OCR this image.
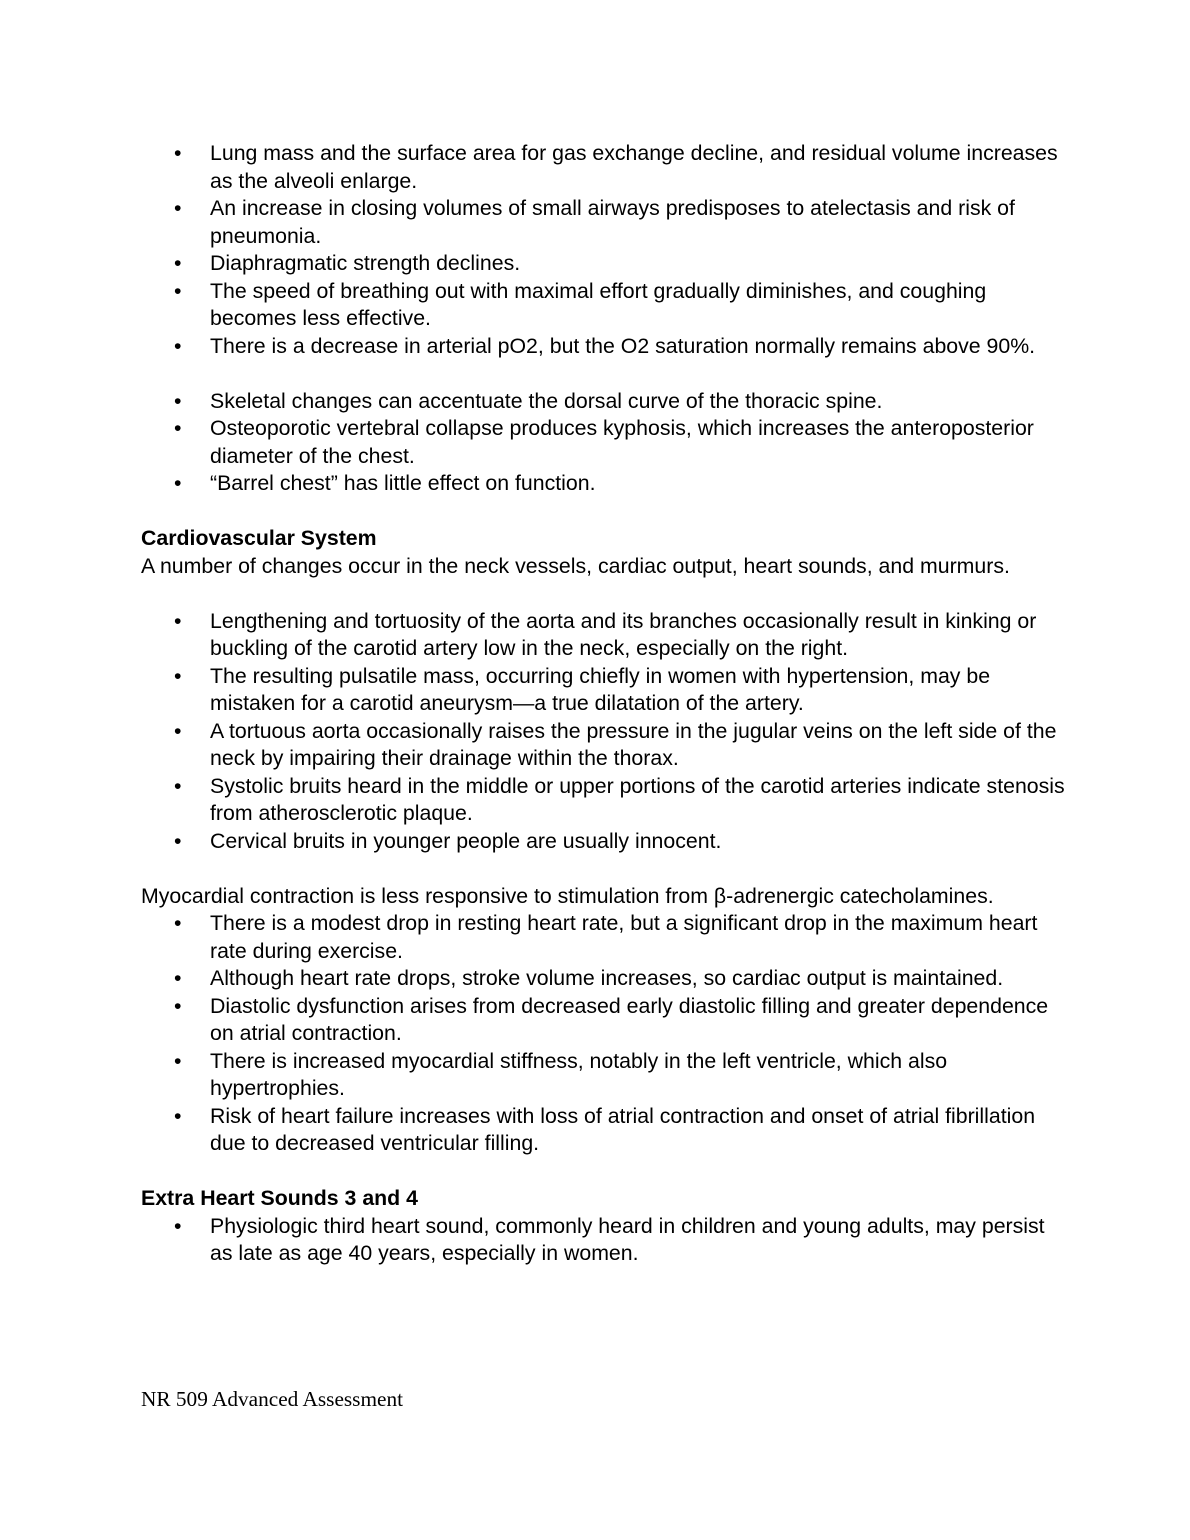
• Lung mass and the surface area for gas exchange decline, and residual volume increases as the alveoli enlarge.
• An increase in closing volumes of small airways predisposes to atelectasis and risk of pneumonia.
• Diaphragmatic strength declines.
• The speed of breathing out with maximal effort gradually diminishes, and coughing becomes less effective.
• There is a decrease in arterial pO2, but the O2 saturation normally remains above 90%.
• Skeletal changes can accentuate the dorsal curve of the thoracic spine.
• Osteoporotic vertebral collapse produces kyphosis, which increases the anteroposterior diameter of the chest.
• “Barrel chest” has little effect on function.

Cardiovascular System

A number of changes occur in the neck vessels, cardiac output, heart sounds, and murmurs.

• Lengthening and tortuosity of the aorta and its branches occasionally result in kinking or buckling of the carotid artery low in the neck, especially on the right.
• The resulting pulsatile mass, occurring chiefly in women with hypertension, may be mistaken for a carotid aneurysm—a true dilatation of the artery.
• A tortuous aorta occasionally raises the pressure in the jugular veins on the left side of the neck by impairing their drainage within the thorax.
• Systolic bruits heard in the middle or upper portions of the carotid arteries indicate stenosis from atherosclerotic plaque.
• Cervical bruits in younger people are usually innocent.

Myocardial contraction is less responsive to stimulation from β-adrenergic catecholamines.

• There is a modest drop in resting heart rate, but a significant drop in the maximum heart rate during exercise.
• Although heart rate drops, stroke volume increases, so cardiac output is maintained.
• Diastolic dysfunction arises from decreased early diastolic filling and greater dependence on atrial contraction.
• There is increased myocardial stiffness, notably in the left ventricle, which also hypertrophies.
• Risk of heart failure increases with loss of atrial contraction and onset of atrial fibrillation due to decreased ventricular filling.

Extra Heart Sounds 3 and 4

• Physiologic third heart sound, commonly heard in children and young adults, may persist as late as age 40 years, especially in women.
NR 509 Advanced Assessment
